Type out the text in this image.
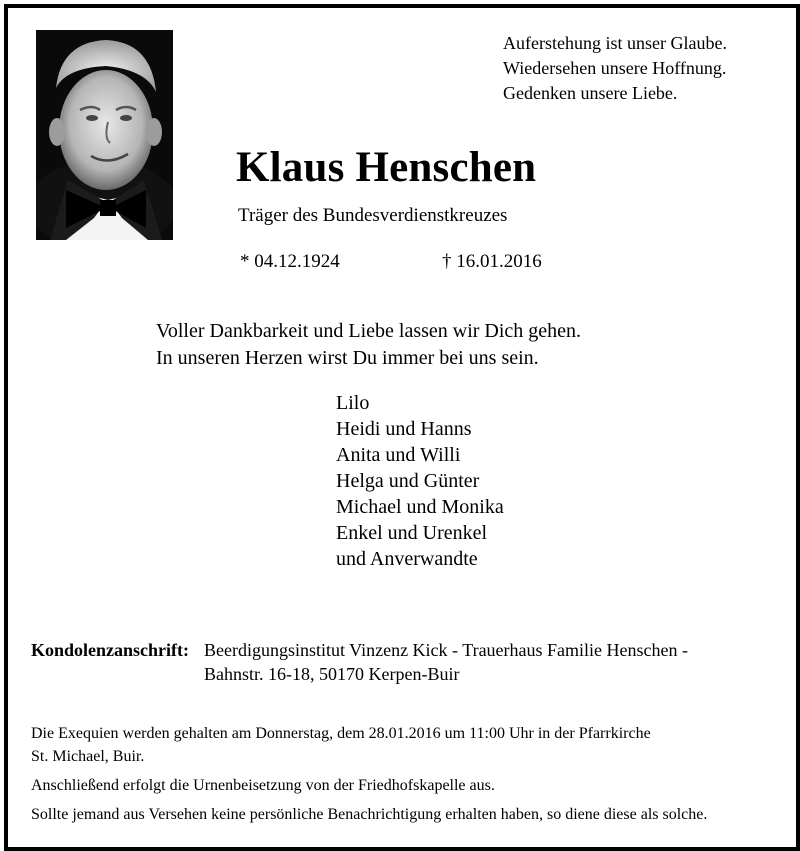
Auferstehung ist unser Glaube.
Wiedersehen unsere Hoffnung.
Gedenken unsere Liebe.
Klaus Henschen
Träger des Bundesverdienstkreuzes
* 04.12.1924	† 16.01.2016
Voller Dankbarkeit und Liebe lassen wir Dich gehen.
In unseren Herzen wirst Du immer bei uns sein.
Lilo
Heidi und Hanns
Anita und Willi
Helga und Günter
Michael und Monika
Enkel und Urenkel
und Anverwandte
Kondolenzanschrift: Beerdigungsinstitut Vinzenz Kick - Trauerhaus Familie Henschen -
Bahnstr. 16-18, 50170 Kerpen-Buir

Die Exequien werden gehalten am Donnerstag, dem 28.01.2016 um 11:00 Uhr in der Pfarrkirche
St. Michael, Buir.

Anschließend erfolgt die Urnenbeisetzung von der Friedhofskapelle aus.

Sollte jemand aus Versehen keine persönliche Benachrichtigung erhalten haben, so diene diese als solche.
